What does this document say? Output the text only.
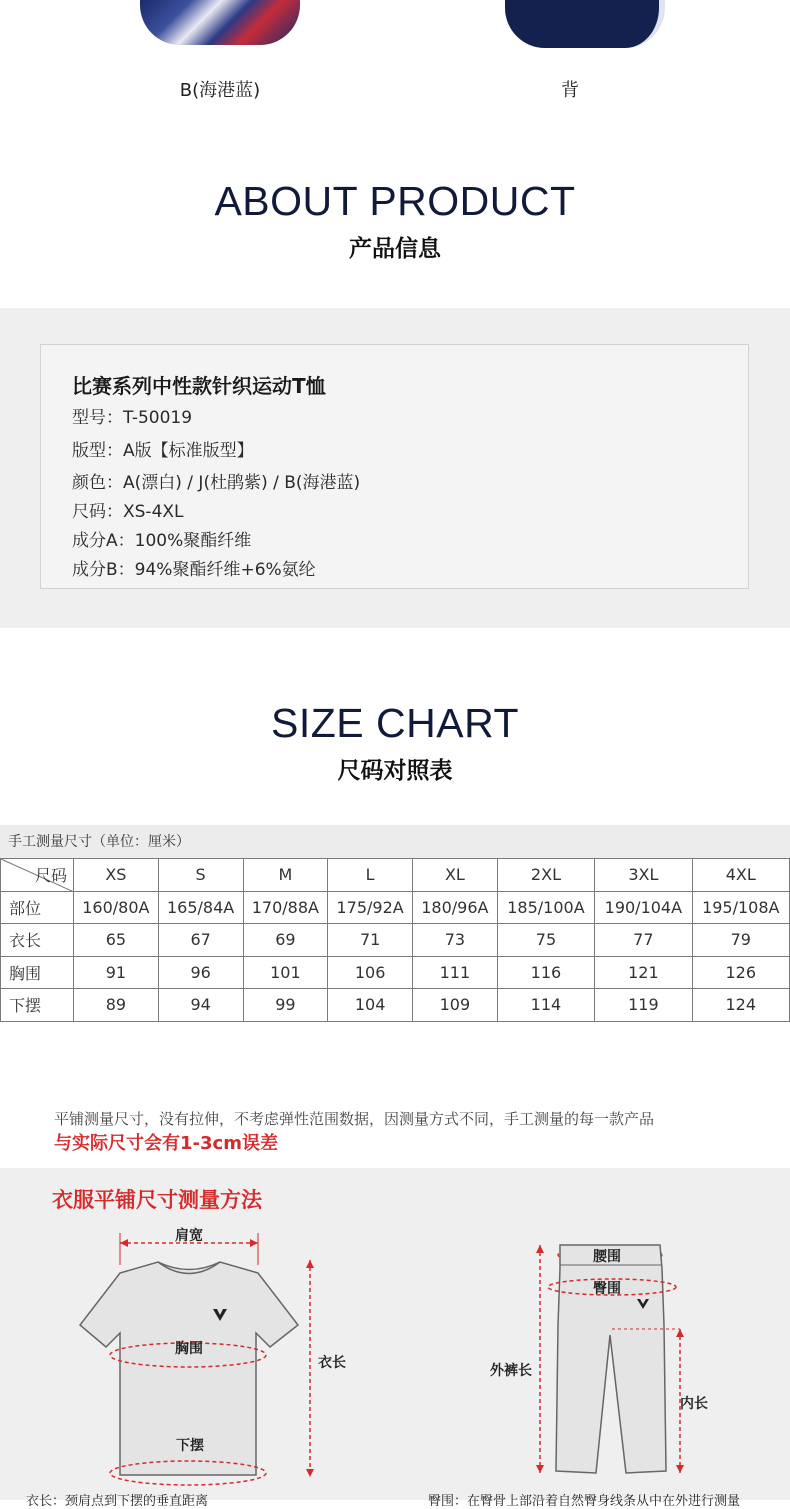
B(海港蓝)	背
ABOUT PRODUCT
产品信息
比赛系列中性款针织运动T恤
型号：T-50019
版型：A版【标准版型】
颜色：A(漂白) / J(杜鹃紫) / B(海港蓝)
尺码：XS-4XL
成分A：100%聚酯纤维
成分B：94%聚酯纤维+6%氨纶
SIZE CHART
尺码对照表
手工测量尺寸（单位：厘米）
尺码	XS	S	M	L	XL	2XL	3XL	4XL
部位	160/80A	165/84A	170/88A	175/92A	180/96A	185/100A	190/104A	195/108A
衣长	65	67	69	71	73	75	77	79
胸围	91	96	101	106	111	116	121	126
下摆	89	94	99	104	109	114	119	124
平铺测量尺寸，没有拉伸，不考虑弹性范围数据，因测量方式不同，手工测量的每一款产品
与实际尺寸会有1-3cm误差
衣服平铺尺寸测量方法
肩宽
胸围
衣长
下摆
衣长：颈肩点到下摆的垂直距离
腰围
臀围
外裤长
内长
臀围：在臀骨上部沿着自然臀身线条从中在外进行测量
